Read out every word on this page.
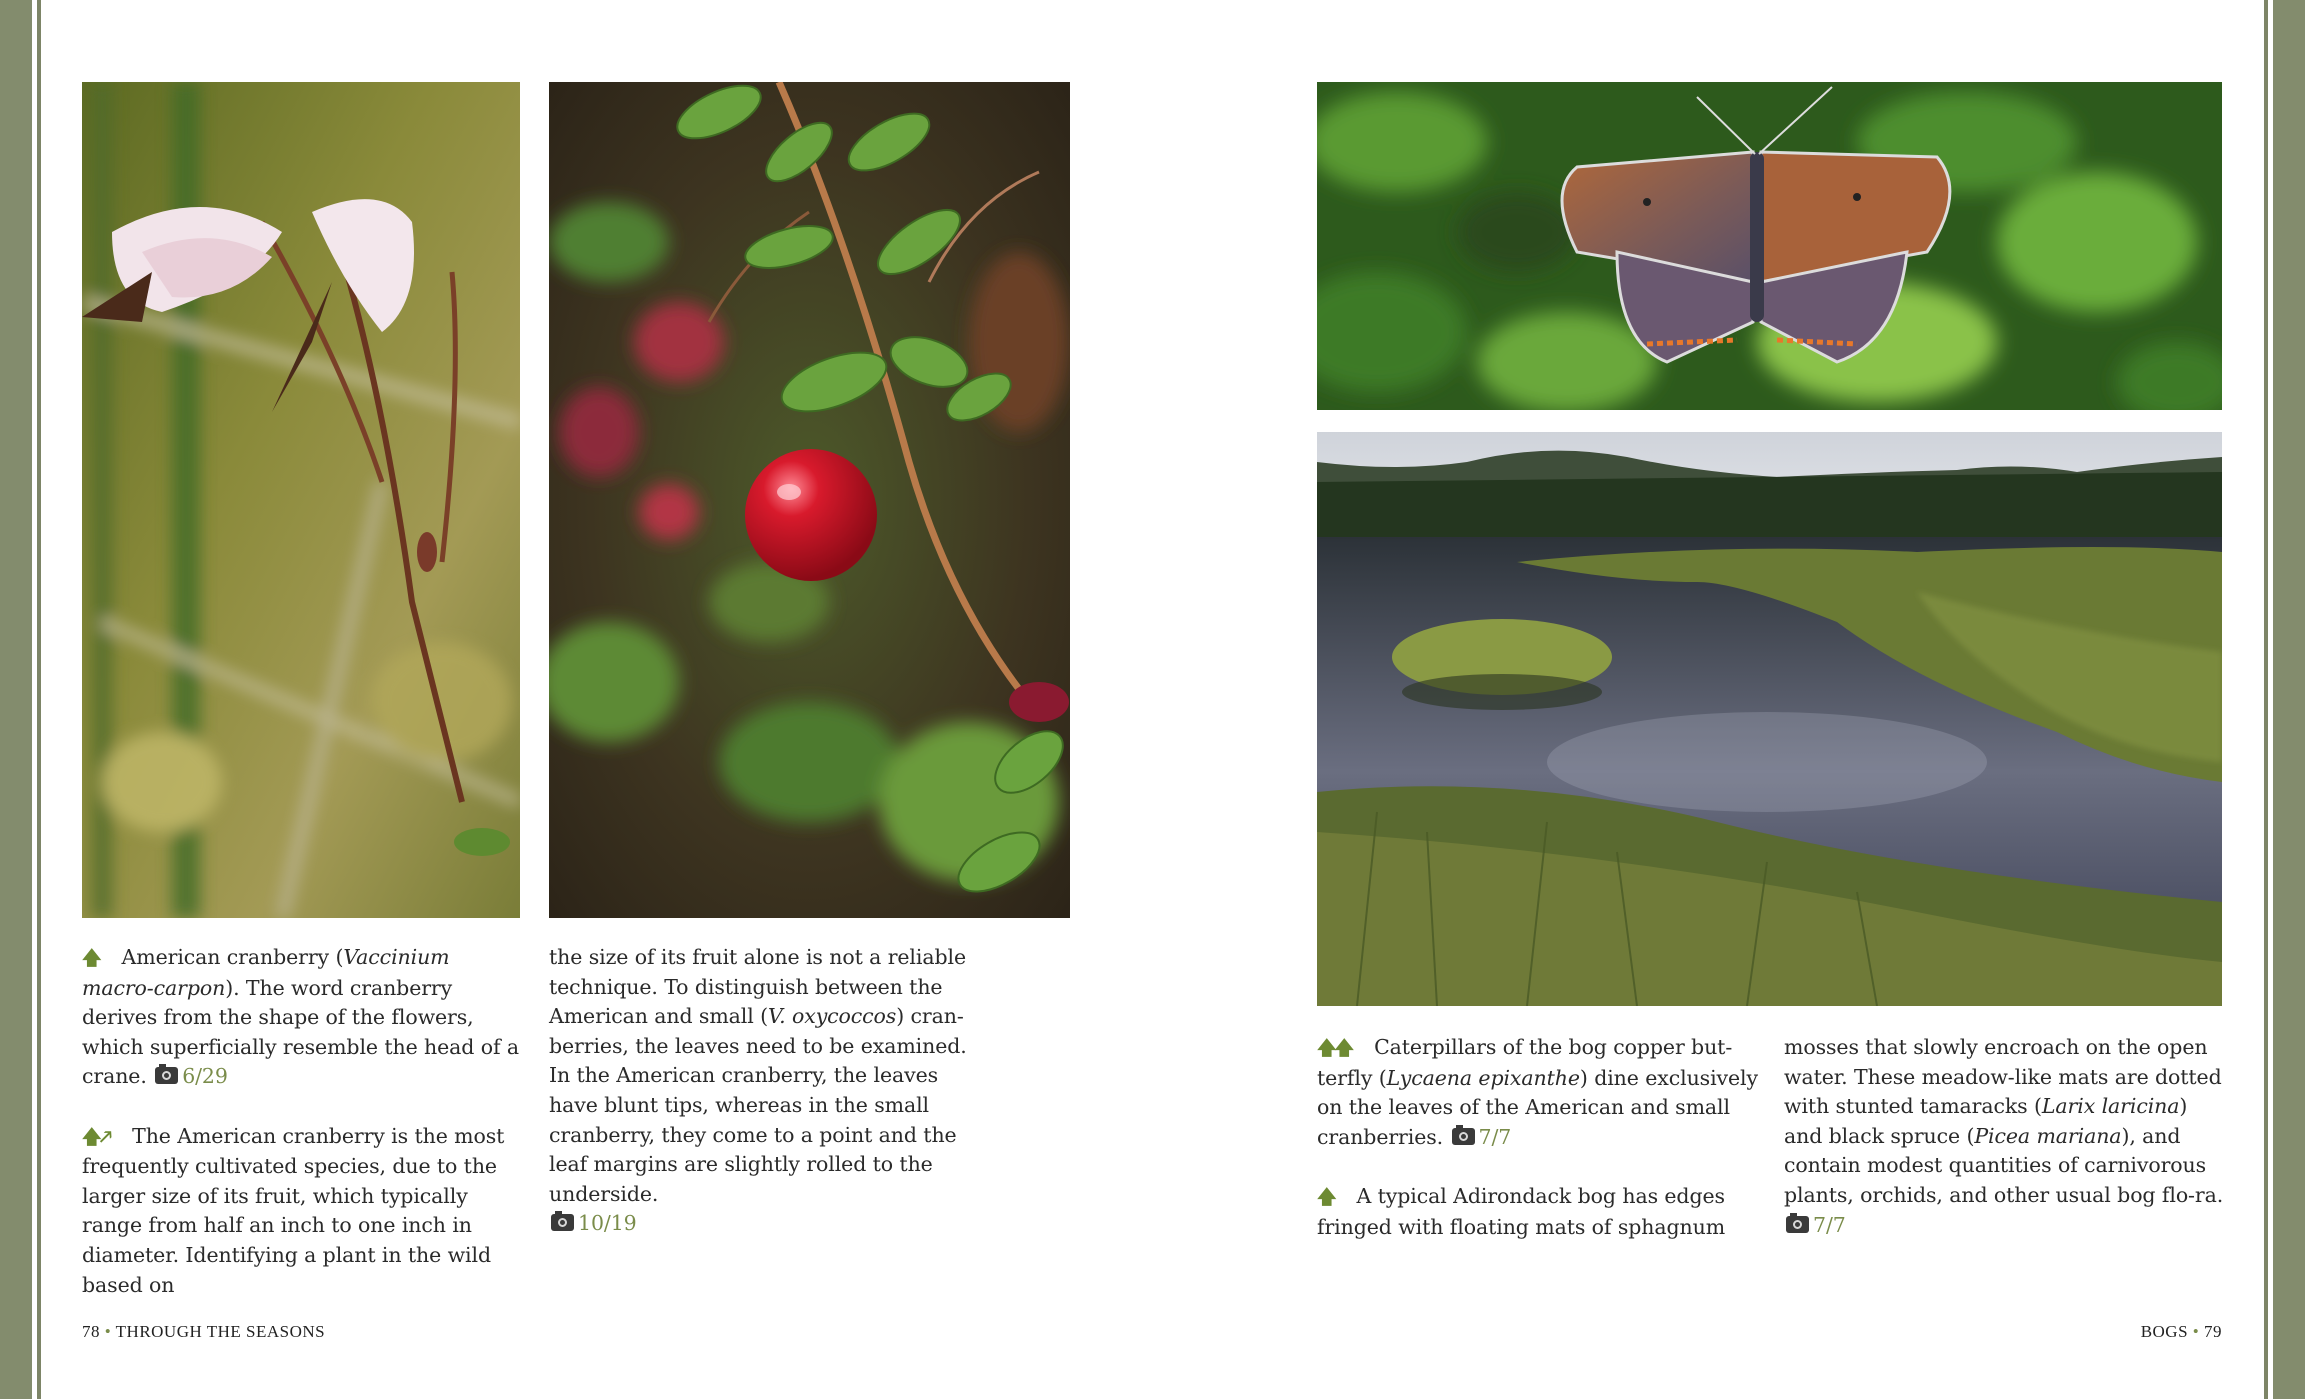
🡅 American cranberry (Vaccinium macro-carpon). The word cranberry derives from the shape of the flowers, which superficially resemble the head of a crane. 6/29

🡅🡕 The American cranberry is the most frequently cultivated species, due to the larger size of its fruit, which typically range from half an inch to one inch in diameter. Identifying a plant in the wild based on

the size of its fruit alone is not a reliable technique. To distinguish between the American and small (V. oxycoccos) cran-berries, the leaves need to be examined. In the American cranberry, the leaves have blunt tips, whereas in the small cranberry, they come to a point and the leaf margins are slightly rolled to the underside.
10/19

78 • THROUGH THE SEASONS

🡅🡅 Caterpillars of the bog copper but-terfly (Lycaena epixanthe) dine exclusively on the leaves of the American and small cranberries. 7/7

🡅 A typical Adirondack bog has edges fringed with floating mats of sphagnum

mosses that slowly encroach on the open water. These meadow-like mats are dotted with stunted tamaracks (Larix laricina) and black spruce (Picea mariana), and contain modest quantities of carnivorous plants, orchids, and other usual bog flo-ra. 7/7

BOGS • 79
